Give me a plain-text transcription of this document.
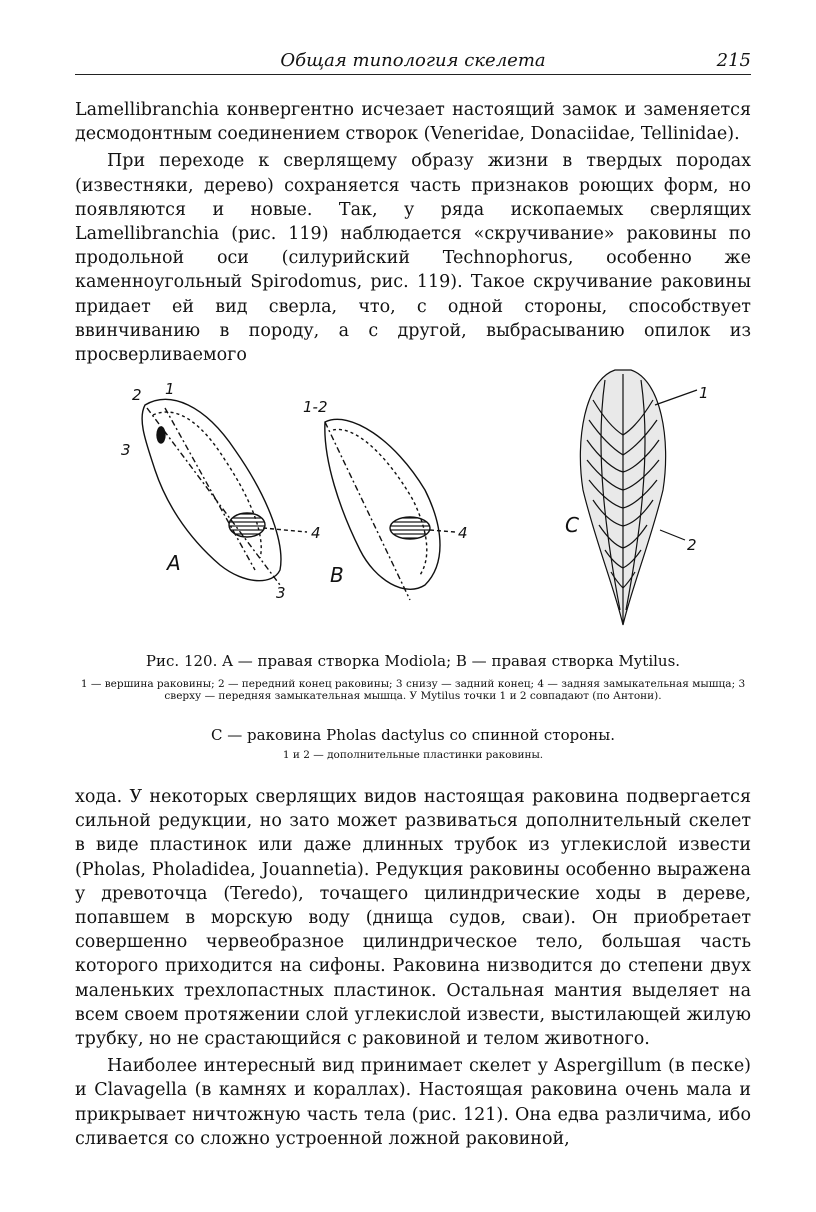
Общая типология скелета	215

Lamellibranchia конвергентно исчезает настоящий замок и заменяется десмодонтным соединением створок (Veneridae, Donaciidae, Tellinidae).

При переходе к сверлящему образу жизни в твердых породах (известняки, дерево) сохраняется часть признаков роющих форм, но появляются и новые. Так, у ряда ископаемых сверлящих Lamellibranchia (рис. 119) наблюдается «скручивание» раковины по продольной оси (силурийский Technophorus, особенно же каменноугольный Spirodomus, рис. 119). Такое скручивание раковины придает ей вид сверла, что, с одной стороны, способствует ввинчиванию в породу, а с другой, выбрасыванию опилок из просверливаемого

2 1
3
4
3
A
1-2
4
B
C
1
2
Рис. 120. A — правая створка Modiola; B — правая створка Mytilus.
1 — вершина раковины; 2 — передний конец раковины; 3 снизу — задний конец; 4 — задняя замыкательная мышца; 3 сверху — передняя замыкательная мышца. У Mytilus точки 1 и 2 совпадают (по Антони).
C — раковина Pholas dactylus со спинной стороны.
1 и 2 — дополнительные пластинки раковины.

хода. У некоторых сверлящих видов настоящая раковина подвергается сильной редукции, но зато может развиваться дополнительный скелет в виде пластинок или даже длинных трубок из углекислой извести (Pholas, Pholadidea, Jouannetia). Редукция раковины особенно выражена у древоточца (Teredo), точащего цилиндрические ходы в дереве, попавшем в морскую воду (днища судов, сваи). Он приобретает совершенно червеобразное цилиндрическое тело, большая часть которого приходится на сифоны. Раковина низводится до степени двух маленьких трехлопастных пластинок. Остальная мантия выделяет на всем своем протяжении слой углекислой извести, выстилающей жилую трубку, но не срастающийся с раковиной и телом животного.

Наиболее интересный вид принимает скелет у Aspergillum (в песке) и Clavagella (в камнях и кораллах). Настоящая раковина очень мала и прикрывает ничтожную часть тела (рис. 121). Она едва различима, ибо сливается со сложно устроенной ложной раковиной,
